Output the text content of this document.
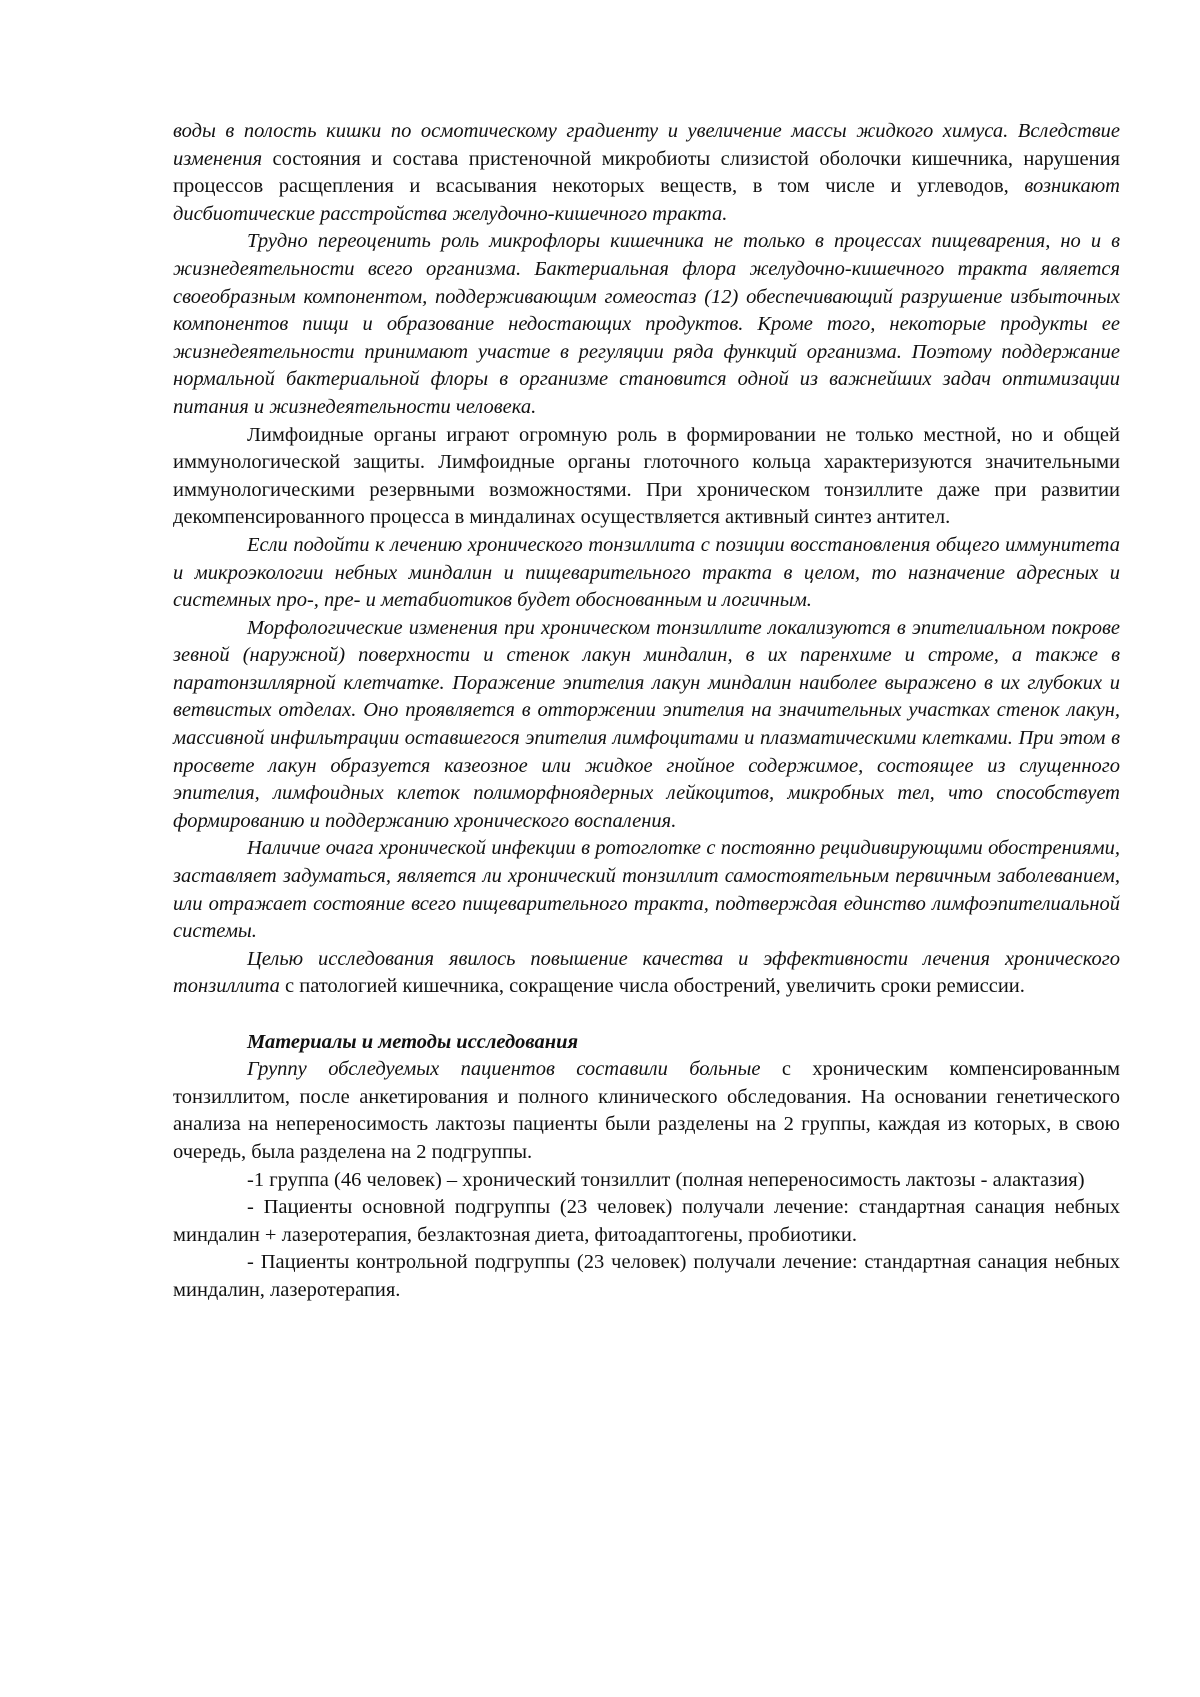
воды в полость кишки по осмотическому градиенту и увеличение массы жидкого химуса. Вследствие изменения состояния и состава пристеночной микробиоты слизистой оболочки кишечника, нарушения процессов расщепления и всасывания некоторых веществ, в том числе и углеводов, возникают дисбиотические расстройства желудочно-кишечного тракта.

Трудно переоценить роль микрофлоры кишечника не только в процессах пищеварения, но и в жизнедеятельности всего организма. Бактериальная флора желудочно-кишечного тракта является своеобразным компонентом, поддерживающим гомеостаз (12) обеспечивающий разрушение избыточных компонентов пищи и образование недостающих продуктов. Кроме того, некоторые продукты ее жизнедеятельности принимают участие в регуляции ряда функций организма. Поэтому поддержание нормальной бактериальной флоры в организме становится одной из важнейших задач оптимизации питания и жизнедеятельности человека.

Лимфоидные органы играют огромную роль в формировании не только местной, но и общей иммунологической защиты. Лимфоидные органы глоточного кольца характеризуются значительными иммунологическими резервными возможностями. При хроническом тонзиллите даже при развитии декомпенсированного процесса в миндалинах осуществляется активный синтез антител.

Если подойти к лечению хронического тонзиллита с позиции восстановления общего иммунитета и микроэкологии небных миндалин и пищеварительного тракта в целом, то назначение адресных и системных про-, пре- и метабиотиков будет обоснованным и логичным.

Морфологические изменения при хроническом тонзиллите локализуются в эпителиальном покрове зевной (наружной) поверхности и стенок лакун миндалин, в их паренхиме и строме, а также в паратонзиллярной клетчатке. Поражение эпителия лакун миндалин наиболее выражено в их глубоких и ветвистых отделах. Оно проявляется в отторжении эпителия на значительных участках стенок лакун, массивной инфильтрации оставшегося эпителия лимфоцитами и плазматическими клетками. При этом в просвете лакун образуется казеозное или жидкое гнойное содержимое, состоящее из слущенного эпителия, лимфоидных клеток полиморфноядерных лейкоцитов, микробных тел, что способствует формированию и поддержанию хронического воспаления.

Наличие очага хронической инфекции в ротоглотке с постоянно рецидивирующими обострениями, заставляет задуматься, является ли хронический тонзиллит самостоятельным первичным заболеванием, или отражает состояние всего пищеварительного тракта, подтверждая единство лимфоэпителиальной системы.

Целью исследования явилось повышение качества и эффективности лечения хронического тонзиллита с патологией кишечника, сокращение числа обострений, увеличить сроки ремиссии.

Материалы и методы исследования

Группу обследуемых пациентов составили больные с хроническим компенсированным тонзиллитом, после анкетирования и полного клинического обследования. На основании генетического анализа на непереносимость лактозы пациенты были разделены на 2 группы, каждая из которых, в свою очередь, была разделена на 2 подгруппы.

-1 группа (46 человек) – хронический тонзиллит (полная непереносимость лактозы - алактазия)

- Пациенты основной подгруппы (23 человек) получали лечение: стандартная санация небных миндалин + лазеротерапия, безлактозная диета, фитоадаптогены, пробиотики.

- Пациенты контрольной подгруппы (23 человек) получали лечение: стандартная санация небных миндалин, лазеротерапия.
